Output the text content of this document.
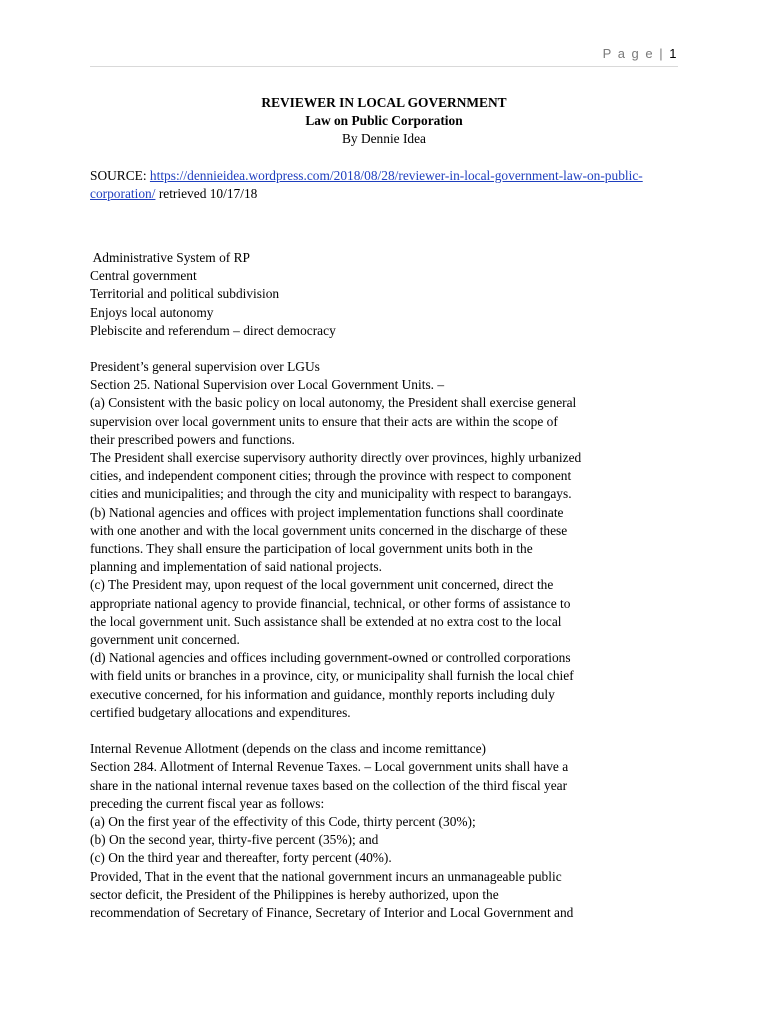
P a g e | 1
REVIEWER IN LOCAL GOVERNMENT
Law on Public Corporation
By Dennie Idea
SOURCE: https://dennieidea.wordpress.com/2018/08/28/reviewer-in-local-government-law-on-public-
corporation/ retrieved 10/17/18

Administrative System of RP

Central government

Territorial and political subdivision

Enjoys local autonomy

Plebiscite and referendum – direct democracy

President’s general supervision over LGUs

Section 25. National Supervision over Local Government Units. –

(a) Consistent with the basic policy on local autonomy, the President shall exercise general

supervision over local government units to ensure that their acts are within the scope of

their prescribed powers and functions.

The President shall exercise supervisory authority directly over provinces, highly urbanized

cities, and independent component cities; through the province with respect to component

cities and municipalities; and through the city and municipality with respect to barangays.

(b) National agencies and offices with project implementation functions shall coordinate

with one another and with the local government units concerned in the discharge of these

functions. They shall ensure the participation of local government units both in the

planning and implementation of said national projects.

(c) The President may, upon request of the local government unit concerned, direct the

appropriate national agency to provide financial, technical, or other forms of assistance to

the local government unit. Such assistance shall be extended at no extra cost to the local

government unit concerned.

(d) National agencies and offices including government-owned or controlled corporations

with field units or branches in a province, city, or municipality shall furnish the local chief

executive concerned, for his information and guidance, monthly reports including duly

certified budgetary allocations and expenditures.

Internal Revenue Allotment (depends on the class and income remittance)

Section 284. Allotment of Internal Revenue Taxes. – Local government units shall have a

share in the national internal revenue taxes based on the collection of the third fiscal year

preceding the current fiscal year as follows:

(a) On the first year of the effectivity of this Code, thirty percent (30%);

(b) On the second year, thirty-five percent (35%); and

(c) On the third year and thereafter, forty percent (40%).

Provided, That in the event that the national government incurs an unmanageable public

sector deficit, the President of the Philippines is hereby authorized, upon the

recommendation of Secretary of Finance, Secretary of Interior and Local Government and
